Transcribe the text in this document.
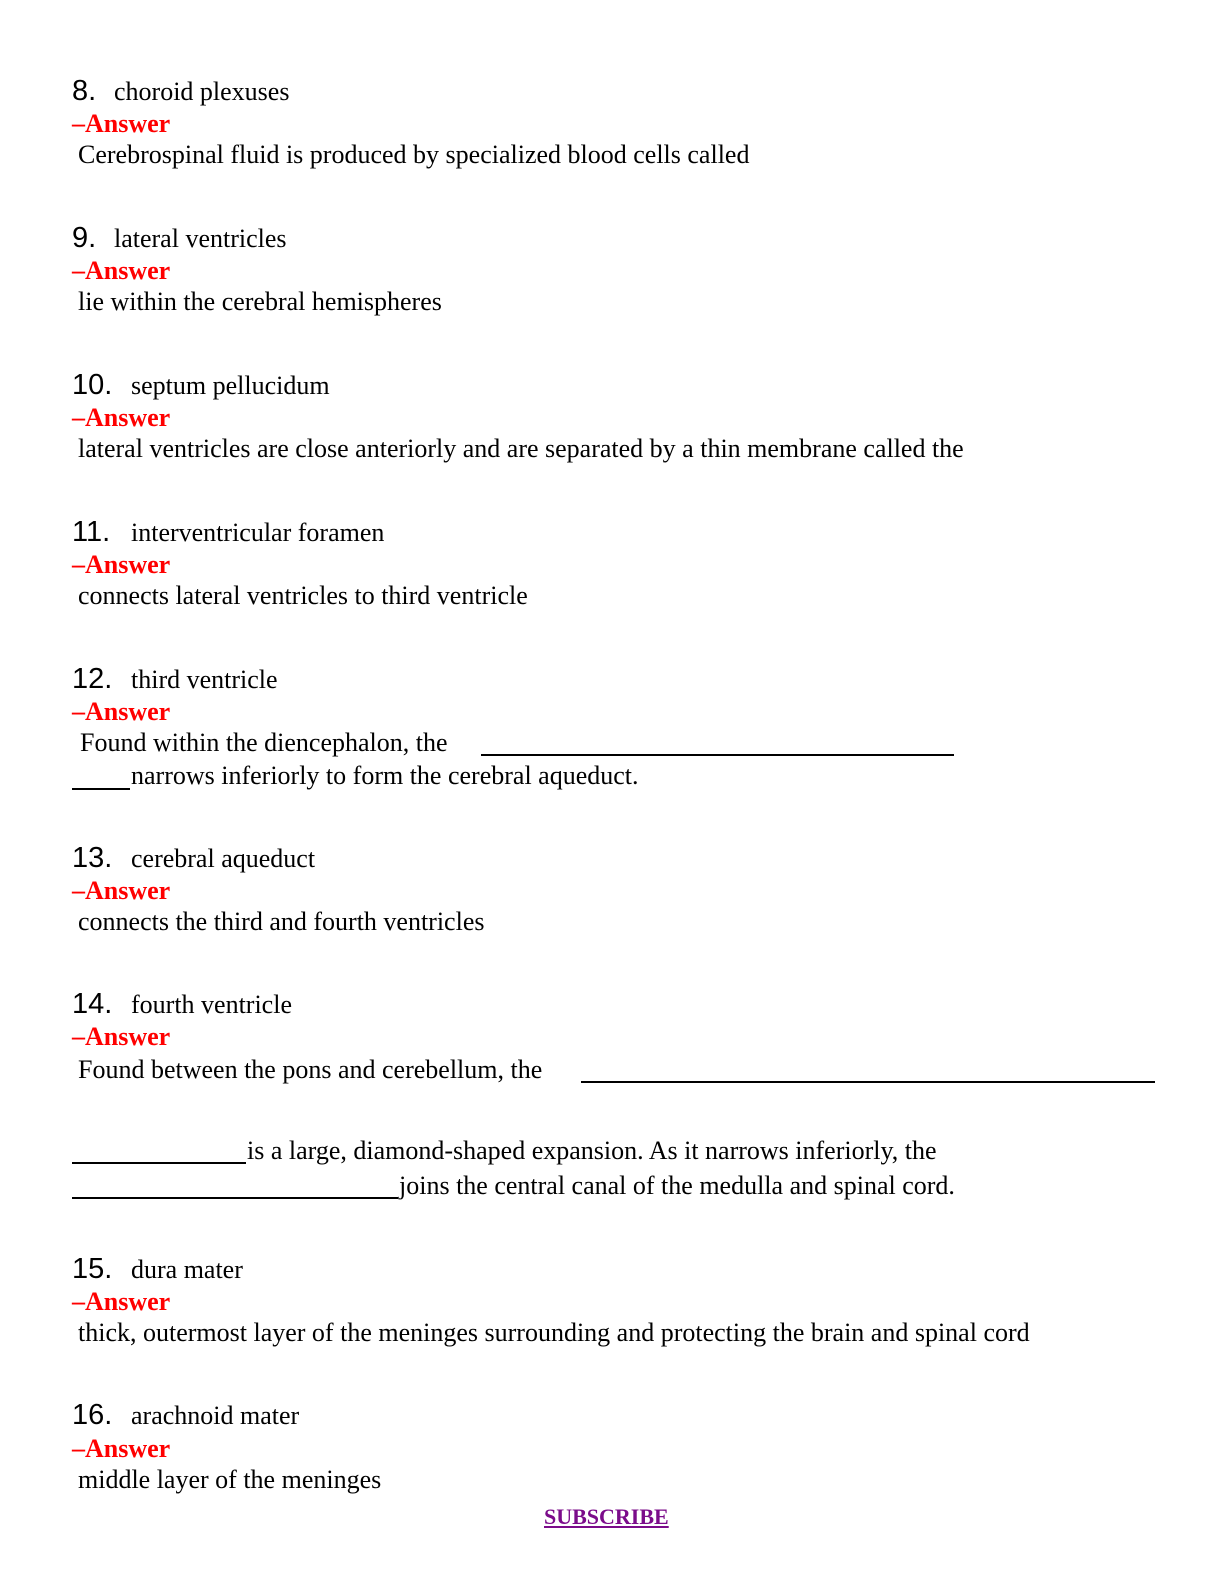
8. choroid plexuses
–Answer
Cerebrospinal fluid is produced by specialized blood cells called
9. lateral ventricles
–Answer
lie within the cerebral hemispheres
10. septum pellucidum
–Answer
lateral ventricles are close anteriorly and are separated by a thin membrane called the
11. interventricular foramen
–Answer
connects lateral ventricles to third ventricle
12. third ventricle
–Answer
Found within the diencephalon, the
narrows inferiorly to form the cerebral aqueduct.
13. cerebral aqueduct
–Answer
connects the third and fourth ventricles
14. fourth ventricle
–Answer
Found between the pons and cerebellum, the
is a large, diamond-shaped expansion. As it narrows inferiorly, the
joins the central canal of the medulla and spinal cord.
15. dura mater
–Answer
thick, outermost layer of the meninges surrounding and protecting the brain and spinal cord
16. arachnoid mater
–Answer
middle layer of the meninges
SUBSCRIBE
